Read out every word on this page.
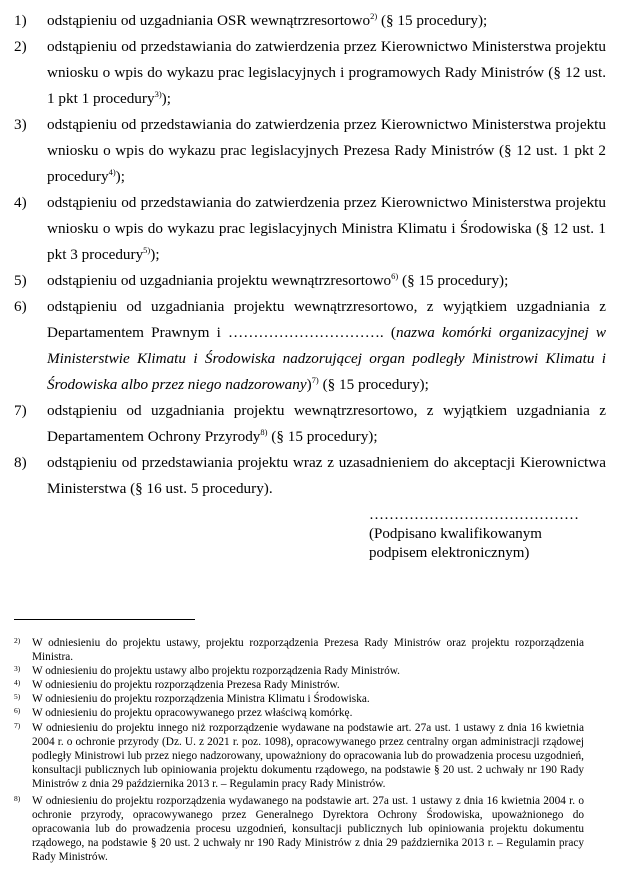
1) odstąpieniu od uzgadniania OSR wewnątrzresortowo$^{2)}$ (§ 15 procedury);
2) odstąpieniu od przedstawiania do zatwierdzenia przez Kierownictwo Ministerstwa projektu wniosku o wpis do wykazu prac legislacyjnych i programowych Rady Ministrów (§ 12 ust. 1 pkt 1 procedury$^{3)}$);
3) odstąpieniu od przedstawiania do zatwierdzenia przez Kierownictwo Ministerstwa projektu wniosku o wpis do wykazu prac legislacyjnych Prezesa Rady Ministrów (§ 12 ust. 1 pkt 2 procedury$^{4)}$);
4) odstąpieniu od przedstawiania do zatwierdzenia przez Kierownictwo Ministerstwa projektu wniosku o wpis do wykazu prac legislacyjnych Ministra Klimatu i Środowiska (§ 12 ust. 1 pkt 3 procedury$^{5)}$);
5) odstąpieniu od uzgadniania projektu wewnątrzresortowo$^{6)}$ (§ 15 procedury);
6) odstąpieniu od uzgadniania projektu wewnątrzresortowo, z wyjątkiem uzgadniania z Departamentem Prawnym i …………………………. (nazwa komórki organizacyjnej w Ministerstwie Klimatu i Środowiska nadzorującej organ podległy Ministrowi Klimatu i Środowiska albo przez niego nadzorowany)$^{7)}$ (§ 15 procedury);
7) odstąpieniu od uzgadniania projektu wewnątrzresortowo, z wyjątkiem uzgadniania z Departamentem Ochrony Przyrody$^{8)}$ (§ 15 procedury);
8) odstąpieniu od przedstawiania projektu wraz z uzasadnieniem do akceptacji Kierownictwa Ministerstwa (§ 16 ust. 5 procedury).
……………………………………
(Podpisano kwalifikowanym
podpisem elektronicznym)
2) W odniesieniu do projektu ustawy, projektu rozporządzenia Prezesa Rady Ministrów oraz projektu rozporządzenia Ministra.
3) W odniesieniu do projektu ustawy albo projektu rozporządzenia Rady Ministrów.
4) W odniesieniu do projektu rozporządzenia Prezesa Rady Ministrów.
5) W odniesieniu do projektu rozporządzenia Ministra Klimatu i Środowiska.
6) W odniesieniu do projektu opracowywanego przez właściwą komórkę.
7) W odniesieniu do projektu innego niż rozporządzenie wydawane na podstawie art. 27a ust. 1 ustawy z dnia 16 kwietnia 2004 r. o ochronie przyrody (Dz. U. z 2021 r. poz. 1098), opracowywanego przez centralny organ administracji rządowej podległy Ministrowi lub przez niego nadzorowany, upoważniony do opracowania lub do prowadzenia procesu uzgodnień, konsultacji publicznych lub opiniowania projektu dokumentu rządowego, na podstawie § 20 ust. 2 uchwały nr 190 Rady Ministrów z dnia 29 października 2013 r. – Regulamin pracy Rady Ministrów.
8) W odniesieniu do projektu rozporządzenia wydawanego na podstawie art. 27a ust. 1 ustawy z dnia 16 kwietnia 2004 r. o ochronie przyrody, opracowywanego przez Generalnego Dyrektora Ochrony Środowiska, upoważnionego do opracowania lub do prowadzenia procesu uzgodnień, konsultacji publicznych lub opiniowania projektu dokumentu rządowego, na podstawie § 20 ust. 2 uchwały nr 190 Rady Ministrów z dnia 29 października 2013 r. – Regulamin pracy Rady Ministrów.
